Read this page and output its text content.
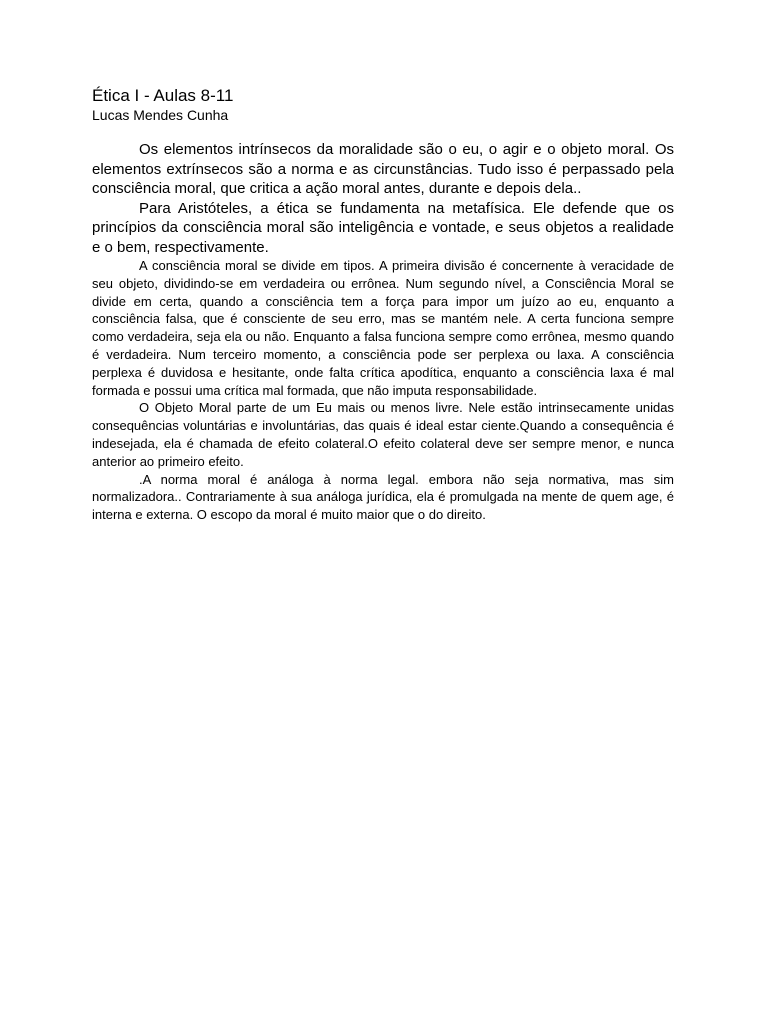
Ética I - Aulas 8-11
Lucas Mendes Cunha

Os elementos intrínsecos da moralidade são o eu, o agir e o objeto moral. Os elementos extrínsecos são a norma e as circunstâncias. Tudo isso é perpassado pela consciência moral, que critica a ação moral antes, durante e depois dela..

Para Aristóteles, a ética se fundamenta na metafísica. Ele defende que os princípios da consciência moral são inteligência e vontade, e seus objetos a realidade e o bem, respectivamente.

A consciência moral se divide em tipos. A primeira divisão é concernente à veracidade de seu objeto, dividindo-se em verdadeira ou errônea. Num segundo nível, a Consciência Moral se divide em certa, quando a consciência tem a força para impor um juízo ao eu, enquanto a consciência falsa, que é consciente de seu erro, mas se mantém nele. A certa funciona sempre como verdadeira, seja ela ou não. Enquanto a falsa funciona sempre como errônea, mesmo quando é verdadeira. Num terceiro momento, a consciência pode ser perplexa ou laxa. A consciência perplexa é duvidosa e hesitante, onde falta crítica apodítica, enquanto a consciência laxa é mal formada e possui uma crítica mal formada, que não imputa responsabilidade.

O Objeto Moral parte de um Eu mais ou menos livre. Nele estão intrinsecamente unidas consequências voluntárias e involuntárias, das quais é ideal estar ciente.Quando a consequência é indesejada, ela é chamada de efeito colateral.O efeito colateral deve ser sempre menor, e nunca anterior ao primeiro efeito.

.A norma moral é análoga à norma legal. embora não seja normativa, mas sim normalizadora.. Contrariamente à sua análoga jurídica, ela é promulgada na mente de quem age, é interna e externa. O escopo da moral é muito maior que o do direito.
